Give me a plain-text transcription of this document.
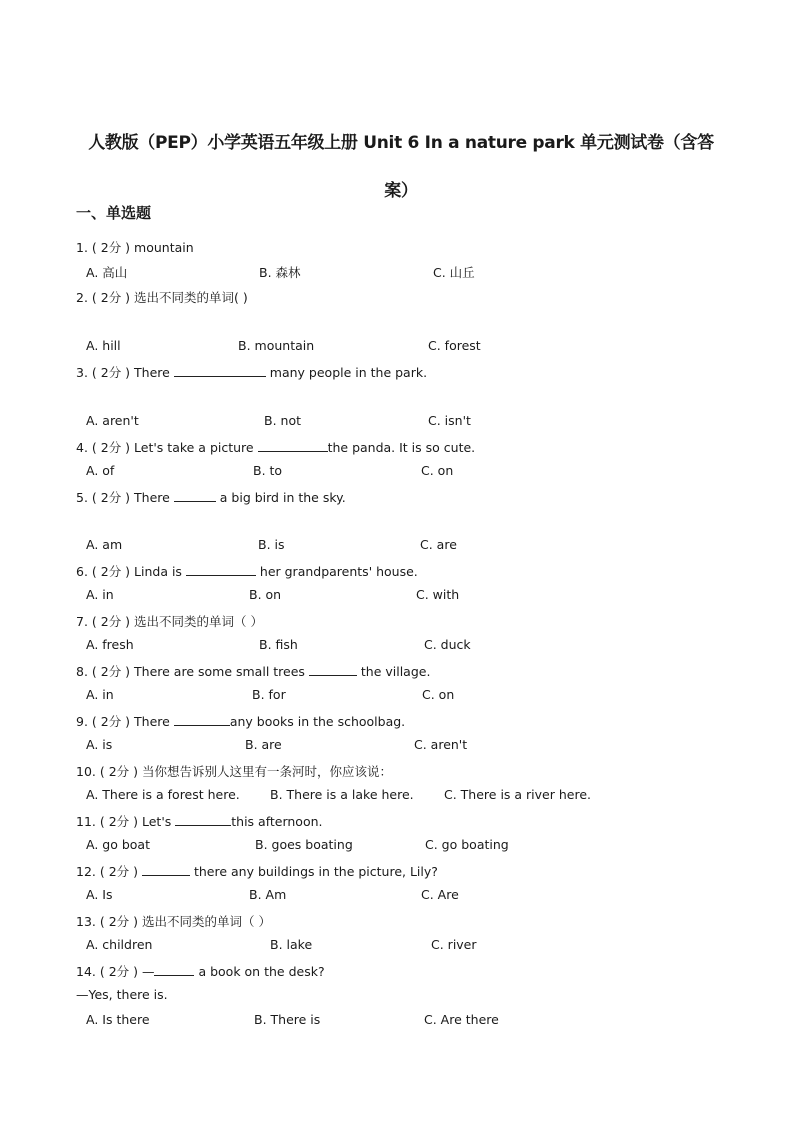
人教版（PEP）小学英语五年级上册 Unit 6 In a nature park 单元测试卷（含答案）
一、单选题
1. ( 2分 ) mountain
A. 高山	B. 森林	C. 山丘
2. ( 2分 ) 选出不同类的单词( )
A. hill	B. mountain	C. forest
3. ( 2分 ) There	many people in the park.
A. aren't	B. not	C. isn't
4. ( 2分 ) Let's take a picture	the panda. It is so cute.
A. of	B. to	C. on
5. ( 2分 ) There	a big bird in the sky.
A. am	B. is	C. are
6. ( 2分 ) Linda is	her grandparents' house.
A. in	B. on	C. with
7. ( 2分 ) 选出不同类的单词（ ）
A. fresh	B. fish	C. duck
8. ( 2分 ) There are some small trees	the village.
A. in	B. for	C. on
9. ( 2分 ) There	any books in the schoolbag.
A. is	B. are	C. aren't
10. ( 2分 ) 当你想告诉别人这里有一条河时，你应该说：
A. There is a forest here. B. There is a lake here. C. There is a river here.
11. ( 2分 ) Let's	this afternoon.
A. go boat	B. goes boating	C. go boating
12. ( 2分 )	there any buildings in the picture, Lily?
A. Is	B. Am	C. Are
13. ( 2分 ) 选出不同类的单词（ ）
A. children	B. lake	C. river
14. ( 2分 ) —	a book on the desk?
—Yes, there is.
A. Is there	B. There is	C. Are there
